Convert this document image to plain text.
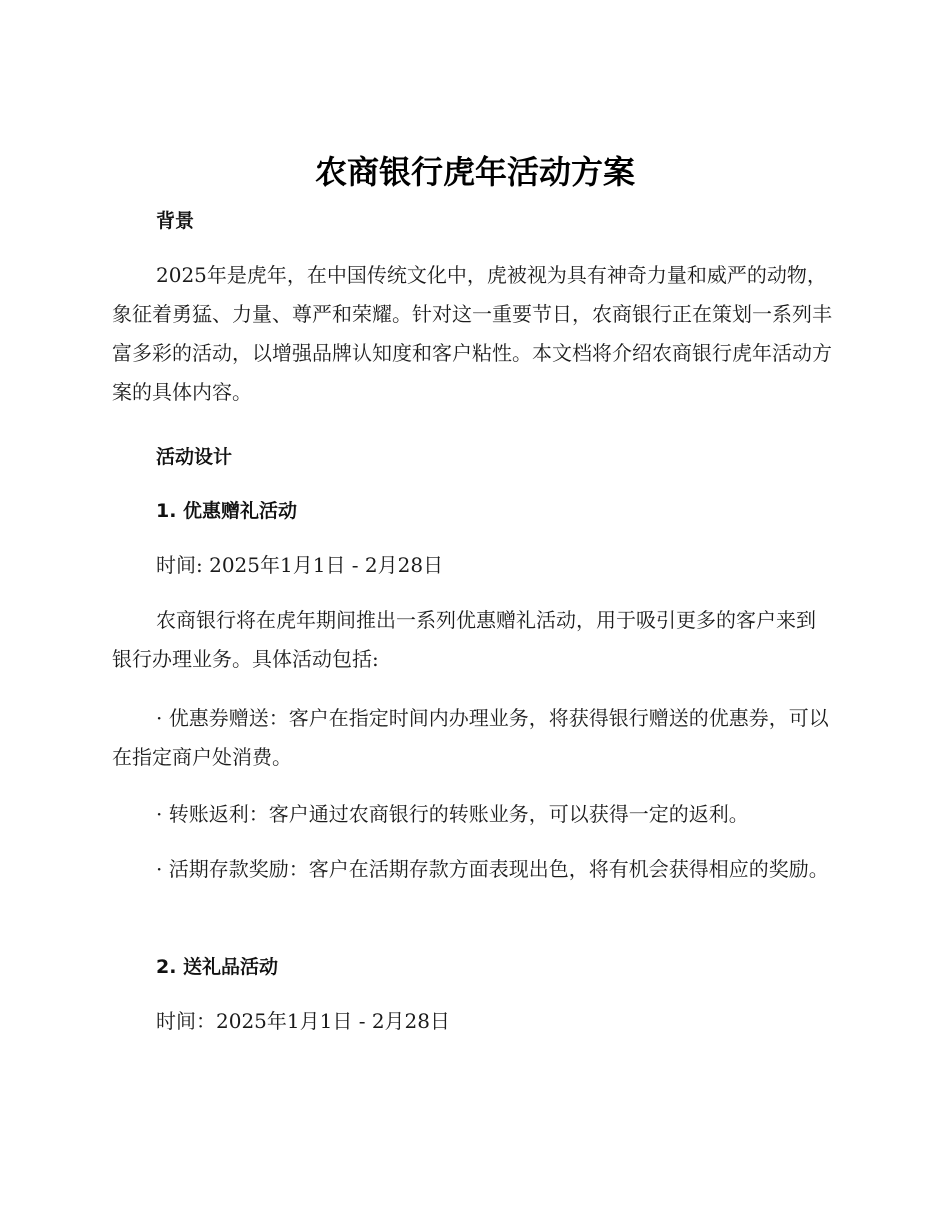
农商银行虎年活动方案

背景

2025年是虎年，在中国传统文化中，虎被视为具有神奇力量和威严的动物，象征着勇猛、力量、尊严和荣耀。针对这一重要节日，农商银行正在策划一系列丰富多彩的活动，以增强品牌认知度和客户粘性。本文档将介绍农商银行虎年活动方案的具体内容。

活动设计

1. 优惠赠礼活动

时间: 2025年1月1日 - 2月28日

农商银行将在虎年期间推出一系列优惠赠礼活动，用于吸引更多的客户来到银行办理业务。具体活动包括:

· 优惠券赠送：客户在指定时间内办理业务，将获得银行赠送的优惠券，可以在指定商户处消费。

· 转账返利：客户通过农商银行的转账业务，可以获得一定的返利。

· 活期存款奖励：客户在活期存款方面表现出色，将有机会获得相应的奖励。

2. 送礼品活动

时间：2025年1月1日 - 2月28日
